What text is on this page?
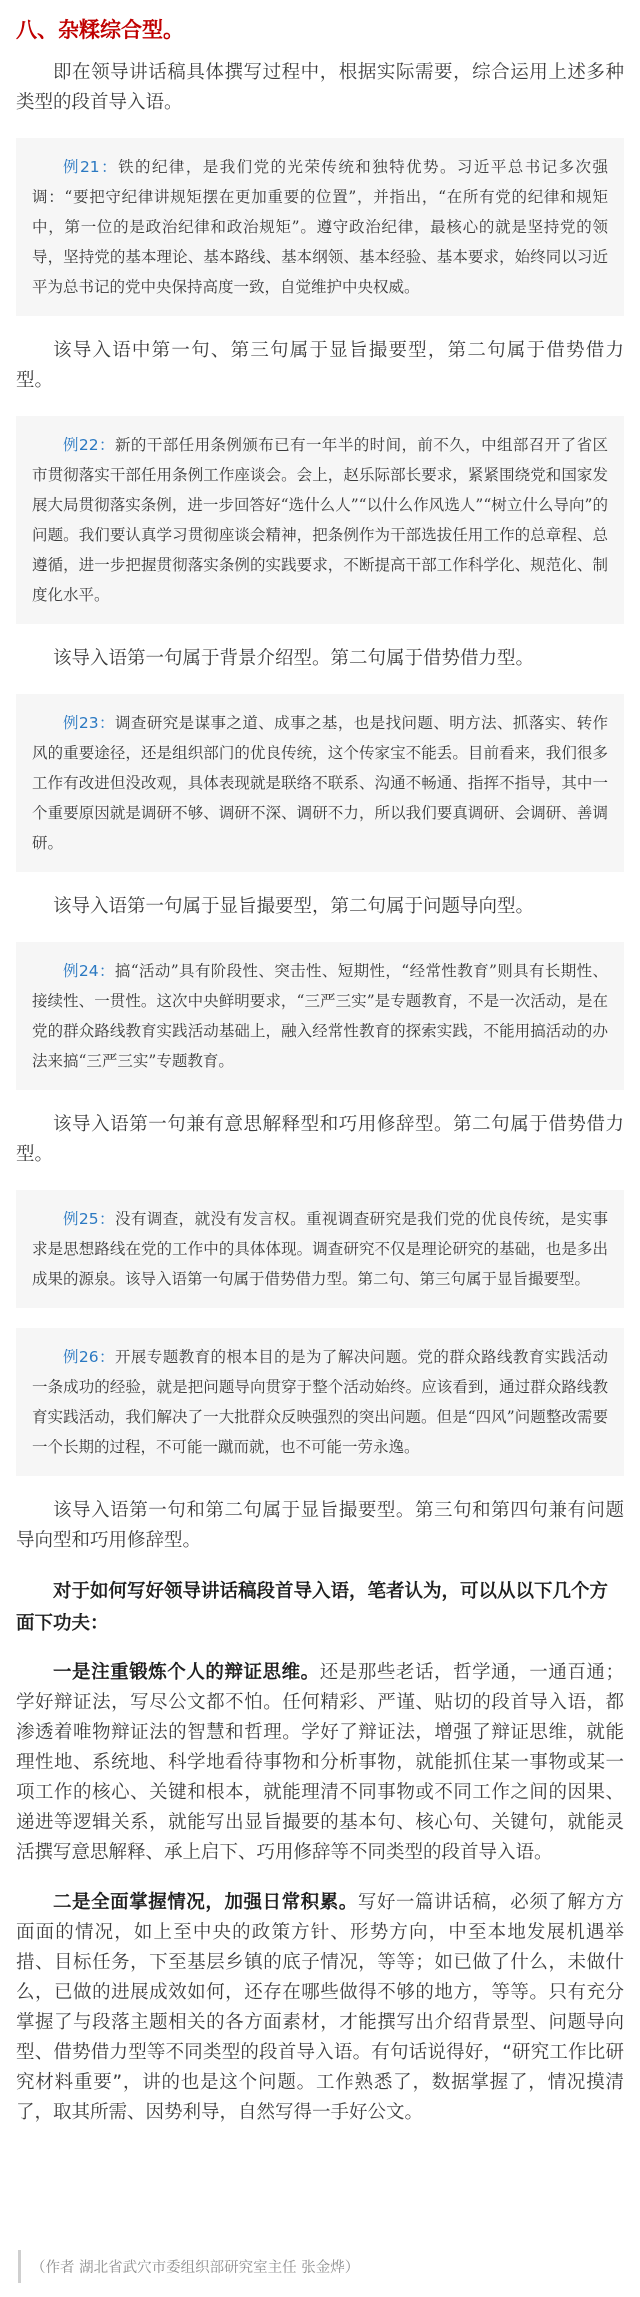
八、杂糅综合型。

即在领导讲话稿具体撰写过程中，根据实际需要，综合运用上述多种类型的段首导入语。

例21：铁的纪律，是我们党的光荣传统和独特优势。习近平总书记多次强调：“要把守纪律讲规矩摆在更加重要的位置”，并指出，“在所有党的纪律和规矩中，第一位的是政治纪律和政治规矩”。遵守政治纪律，最核心的就是坚持党的领导，坚持党的基本理论、基本路线、基本纲领、基本经验、基本要求，始终同以习近平为总书记的党中央保持高度一致，自觉维护中央权威。

该导入语中第一句、第三句属于显旨撮要型，第二句属于借势借力型。

例22：新的干部任用条例颁布已有一年半的时间，前不久，中组部召开了省区市贯彻落实干部任用条例工作座谈会。会上，赵乐际部长要求，紧紧围绕党和国家发展大局贯彻落实条例，进一步回答好“选什么人”“以什么作风选人”“树立什么导向”的问题。我们要认真学习贯彻座谈会精神，把条例作为干部选拔任用工作的总章程、总遵循，进一步把握贯彻落实条例的实践要求，不断提高干部工作科学化、规范化、制度化水平。

该导入语第一句属于背景介绍型。第二句属于借势借力型。

例23：调查研究是谋事之道、成事之基，也是找问题、明方法、抓落实、转作风的重要途径，还是组织部门的优良传统，这个传家宝不能丢。目前看来，我们很多工作有改进但没改观，具体表现就是联络不联系、沟通不畅通、指挥不指导，其中一个重要原因就是调研不够、调研不深、调研不力，所以我们要真调研、会调研、善调研。

该导入语第一句属于显旨撮要型，第二句属于问题导向型。

例24：搞“活动”具有阶段性、突击性、短期性，“经常性教育”则具有长期性、接续性、一贯性。这次中央鲜明要求，“三严三实”是专题教育，不是一次活动，是在党的群众路线教育实践活动基础上，融入经常性教育的探索实践，不能用搞活动的办法来搞“三严三实”专题教育。

该导入语第一句兼有意思解释型和巧用修辞型。第二句属于借势借力型。

例25：没有调查，就没有发言权。重视调查研究是我们党的优良传统，是实事求是思想路线在党的工作中的具体体现。调查研究不仅是理论研究的基础，也是多出成果的源泉。该导入语第一句属于借势借力型。第二句、第三句属于显旨撮要型。
例26：开展专题教育的根本目的是为了解决问题。党的群众路线教育实践活动一条成功的经验，就是把问题导向贯穿于整个活动始终。应该看到，通过群众路线教育实践活动，我们解决了一大批群众反映强烈的突出问题。但是“四风”问题整改需要一个长期的过程，不可能一蹴而就，也不可能一劳永逸。

该导入语第一句和第二句属于显旨撮要型。第三句和第四句兼有问题导向型和巧用修辞型。

对于如何写好领导讲话稿段首导入语，笔者认为，可以从以下几个方面下功夫：

一是注重锻炼个人的辩证思维。还是那些老话，哲学通，一通百通；学好辩证法，写尽公文都不怕。任何精彩、严谨、贴切的段首导入语，都渗透着唯物辩证法的智慧和哲理。学好了辩证法，增强了辩证思维，就能理性地、系统地、科学地看待事物和分析事物，就能抓住某一事物或某一项工作的核心、关键和根本，就能理清不同事物或不同工作之间的因果、递进等逻辑关系，就能写出显旨撮要的基本句、核心句、关键句，就能灵活撰写意思解释、承上启下、巧用修辞等不同类型的段首导入语。

二是全面掌握情况，加强日常积累。写好一篇讲话稿，必须了解方方面面的情况，如上至中央的政策方针、形势方向，中至本地发展机遇举措、目标任务，下至基层乡镇的底子情况，等等；如已做了什么，未做什么，已做的进展成效如何，还存在哪些做得不够的地方，等等。只有充分掌握了与段落主题相关的各方面素材，才能撰写出介绍背景型、问题导向型、借势借力型等不同类型的段首导入语。有句话说得好，“研究工作比研究材料重要”，讲的也是这个问题。工作熟悉了，数据掌握了，情况摸清了，取其所需、因势利导，自然写得一手好公文。

（作者 湖北省武穴市委组织部研究室主任 张金烨）
